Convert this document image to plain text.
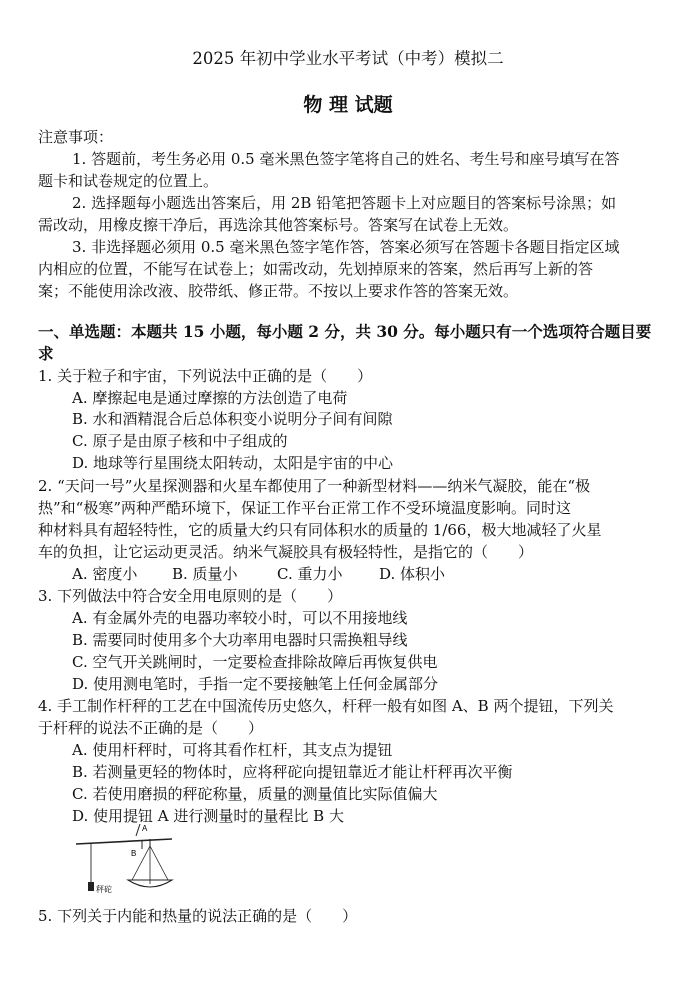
2025 年初中学业水平考试（中考）模拟二
物 理 试题
注意事项：
1. 答题前，考生务必用 0.5 毫米黑色签字笔将自己的姓名、考生号和座号填写在答
题卡和试卷规定的位置上。
2. 选择题每小题选出答案后，用 2B 铅笔把答题卡上对应题目的答案标号涂黑；如
需改动，用橡皮擦干净后，再选涂其他答案标号。答案写在试卷上无效。
3. 非选择题必须用 0.5 毫米黑色签字笔作答，答案必须写在答题卡各题目指定区域
内相应的位置，不能写在试卷上；如需改动，先划掉原来的答案，然后再写上新的答
案；不能使用涂改液、胶带纸、修正带。不按以上要求作答的答案无效。
一、单选题：本题共 15 小题，每小题 2 分，共 30 分。每小题只有一个选项符合题目要
求
1. 关于粒子和宇宙，下列说法中正确的是（　　）
A. 摩擦起电是通过摩擦的方法创造了电荷
B. 水和酒精混合后总体积变小说明分子间有间隙
C. 原子是由原子核和中子组成的
D. 地球等行星围绕太阳转动，太阳是宇宙的中心
2. “天问一号”火星探测器和火星车都使用了一种新型材料——纳米气凝胶，能在“极
热”和“极寒”两种严酷环境下，保证工作平台正常工作不受环境温度影响。同时这
种材料具有超轻特性，它的质量大约只有同体积水的质量的 1/66，极大地减轻了火星
车的负担，让它运动更灵活。纳米气凝胶具有极轻特性，是指它的（　　）
A. 密度小 B. 质量小	C. 重力小 D. 体积小
3. 下列做法中符合安全用电原则的是（　　）
A. 有金属外壳的电器功率较小时，可以不用接地线
B. 需要同时使用多个大功率用电器时只需换粗导线
C. 空气开关跳闸时，一定要检查排除故障后再恢复供电
D. 使用测电笔时，手指一定不要接触笔上任何金属部分
4. 手工制作杆秤的工艺在中国流传历史悠久，杆秤一般有如图 A、B 两个提钮，下列关
于杆秤的说法不正确的是（　　）
A. 使用杆秤时，可将其看作杠杆，其支点为提钮
B. 若测量更轻的物体时，应将秤砣向提钮靠近才能让杆秤再次平衡
C. 若使用磨损的秤砣称量，质量的测量值比实际值偏大
D. 使用提钮 A 进行测量时的量程比 B 大
A
B
秤砣
5. 下列关于内能和热量的说法正确的是（　　）
